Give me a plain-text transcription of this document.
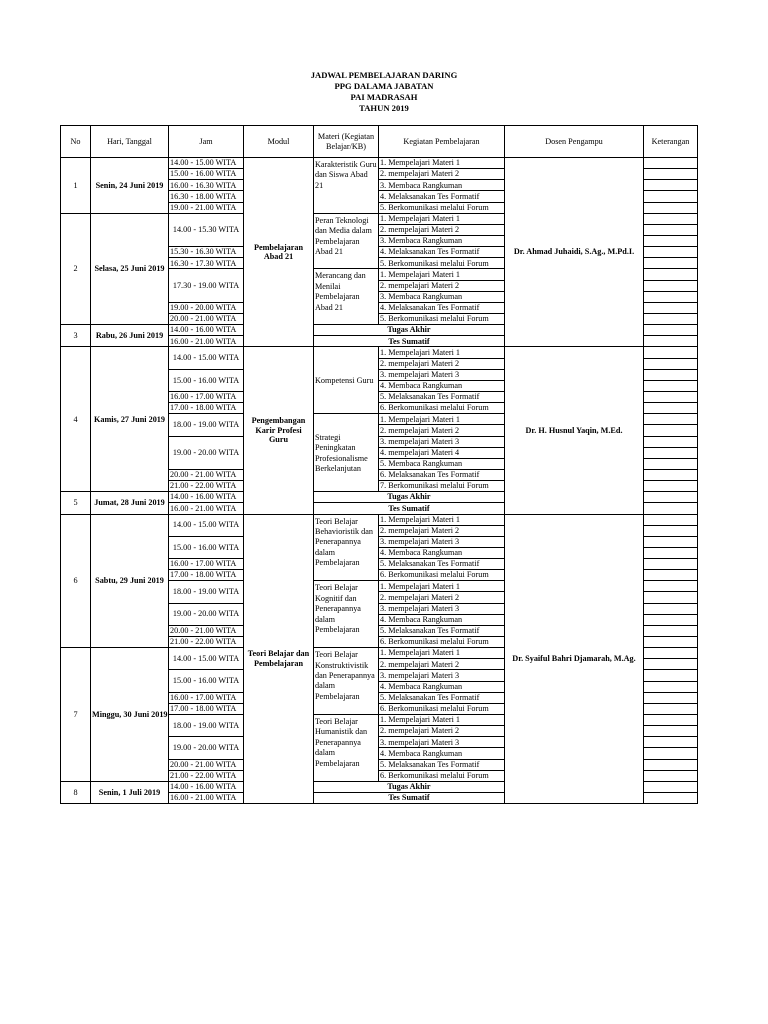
JADWAL PEMBELAJARAN DARING
PPG DALAMA JABATAN
PAI MADRASAH
TAHUN 2019
No	Hari, Tanggal	Jam	Modul	Materi (Kegiatan Belajar/KB)	Kegiatan Pembelajaran	Dosen Pengampu	Keterangan
1	Senin, 24 Juni 2019	14.00 - 15.00 WITA	Pembelajaran Abad 21	Karakteristik Guru dan Siswa Abad 21	1. Mempelajari Materi 1	Dr. Ahmad Juhaidi, S.Ag., M.Pd.I.	
		15.00 - 16.00 WITA			2. mempelajari Materi 2		
		16.00 - 16.30 WITA			3. Membaca Rangkuman		
		16.30 - 18.00 WITA			4. Melaksanakan Tes Formatif		
		19.00 - 21.00 WITA			5. Berkomunikasi melalui Forum		
2	Selasa, 25 Juni 2019	14.00 - 15.30 WITA		Peran Teknologi dan Media dalam Pembelajaran Abad 21	1. Mempelajari Materi 1		
					2. mempelajari Materi 2		
					3. Membaca Rangkuman		
		15.30 - 16.30 WITA			4. Melaksanakan Tes Formatif		
		16.30 - 17.30 WITA			5. Berkomunikasi melalui Forum		
		17.30 - 19.00 WITA		Merancang dan Menilai Pembelajaran Abad 21	1. Mempelajari Materi 1		
					2. mempelajari Materi 2		
					3. Membaca Rangkuman		
		19.00 - 20.00 WITA			4. Melaksanakan Tes Formatif		
		20.00 - 21.00 WITA			5. Berkomunikasi melalui Forum		
3	Rabu, 26 Juni 2019	14.00 - 16.00 WITA		Tugas Akhir			
		16.00 - 21.00 WITA		Tes Sumatif			
4	Kamis, 27 Juni 2019	14.00 - 15.00 WITA	Pengembangan Karir Profesi Guru	Kompetensi Guru	1. Mempelajari Materi 1	Dr. H. Husnul Yaqin, M.Ed.	
					2. mempelajari Materi 2		
		15.00 - 16.00 WITA			3. mempelajari Materi 3		
					4. Membaca Rangkuman		
		16.00 - 17.00 WITA			5. Melaksanakan Tes Formatif		
		17.00 - 18.00 WITA			6. Berkomunikasi melalui Forum		
		18.00 - 19.00 WITA		Strategi Peningkatan Profesionalisme Berkelanjutan	1. Mempelajari Materi 1		
					2. mempelajari Materi 2		
		19.00 - 20.00 WITA			3. mempelajari Materi 3		
					4. mempelajari Materi 4		
					5. Membaca Rangkuman		
		20.00 - 21.00 WITA			6. Melaksanakan Tes Formatif		
		21.00 - 22.00 WITA			7. Berkomunikasi melalui Forum		
5	Jumat, 28 Juni 2019	14.00 - 16.00 WITA		Tugas Akhir			
		16.00 - 21.00 WITA		Tes Sumatif			
6	Sabtu, 29 Juni 2019	14.00 - 15.00 WITA	Teori Belajar dan Pembelajaran	Teori Belajar Behavioristik dan Penerapannya dalam Pembelajaran	1. Mempelajari Materi 1	Dr. Syaiful Bahri Djamarah, M.Ag.	
					2. mempelajari Materi 2		
		15.00 - 16.00 WITA			3. mempelajari Materi 3		
					4. Membaca Rangkuman		
		16.00 - 17.00 WITA			5. Melaksanakan Tes Formatif		
		17.00 - 18.00 WITA			6. Berkomunikasi melalui Forum		
		18.00 - 19.00 WITA		Teori Belajar Kognitif dan Penerapannya dalam Pembelajaran	1. Mempelajari Materi 1		
					2. mempelajari Materi 2		
		19.00 - 20.00 WITA			3. mempelajari Materi 3		
					4. Membaca Rangkuman		
		20.00 - 21.00 WITA			5. Melaksanakan Tes Formatif		
		21.00 - 22.00 WITA			6. Berkomunikasi melalui Forum		
7	Minggu, 30 Juni 2019	14.00 - 15.00 WITA		Teori Belajar Konstruktivistik dan Penerapannya dalam Pembelajaran	1. Mempelajari Materi 1		
					2. mempelajari Materi 2		
		15.00 - 16.00 WITA			3. mempelajari Materi 3		
					4. Membaca Rangkuman		
		16.00 - 17.00 WITA			5. Melaksanakan Tes Formatif		
		17.00 - 18.00 WITA			6. Berkomunikasi melalui Forum		
		18.00 - 19.00 WITA		Teori Belajar Humanistik dan Penerapannya dalam Pembelajaran	1. Mempelajari Materi 1		
					2. mempelajari Materi 2		
		19.00 - 20.00 WITA			3. mempelajari Materi 3		
					4. Membaca Rangkuman		
		20.00 - 21.00 WITA			5. Melaksanakan Tes Formatif		
		21.00 - 22.00 WITA			6. Berkomunikasi melalui Forum		
8	Senin, 1 Juli 2019	14.00 - 16.00 WITA		Tugas Akhir			
		16.00 - 21.00 WITA		Tes Sumatif			
